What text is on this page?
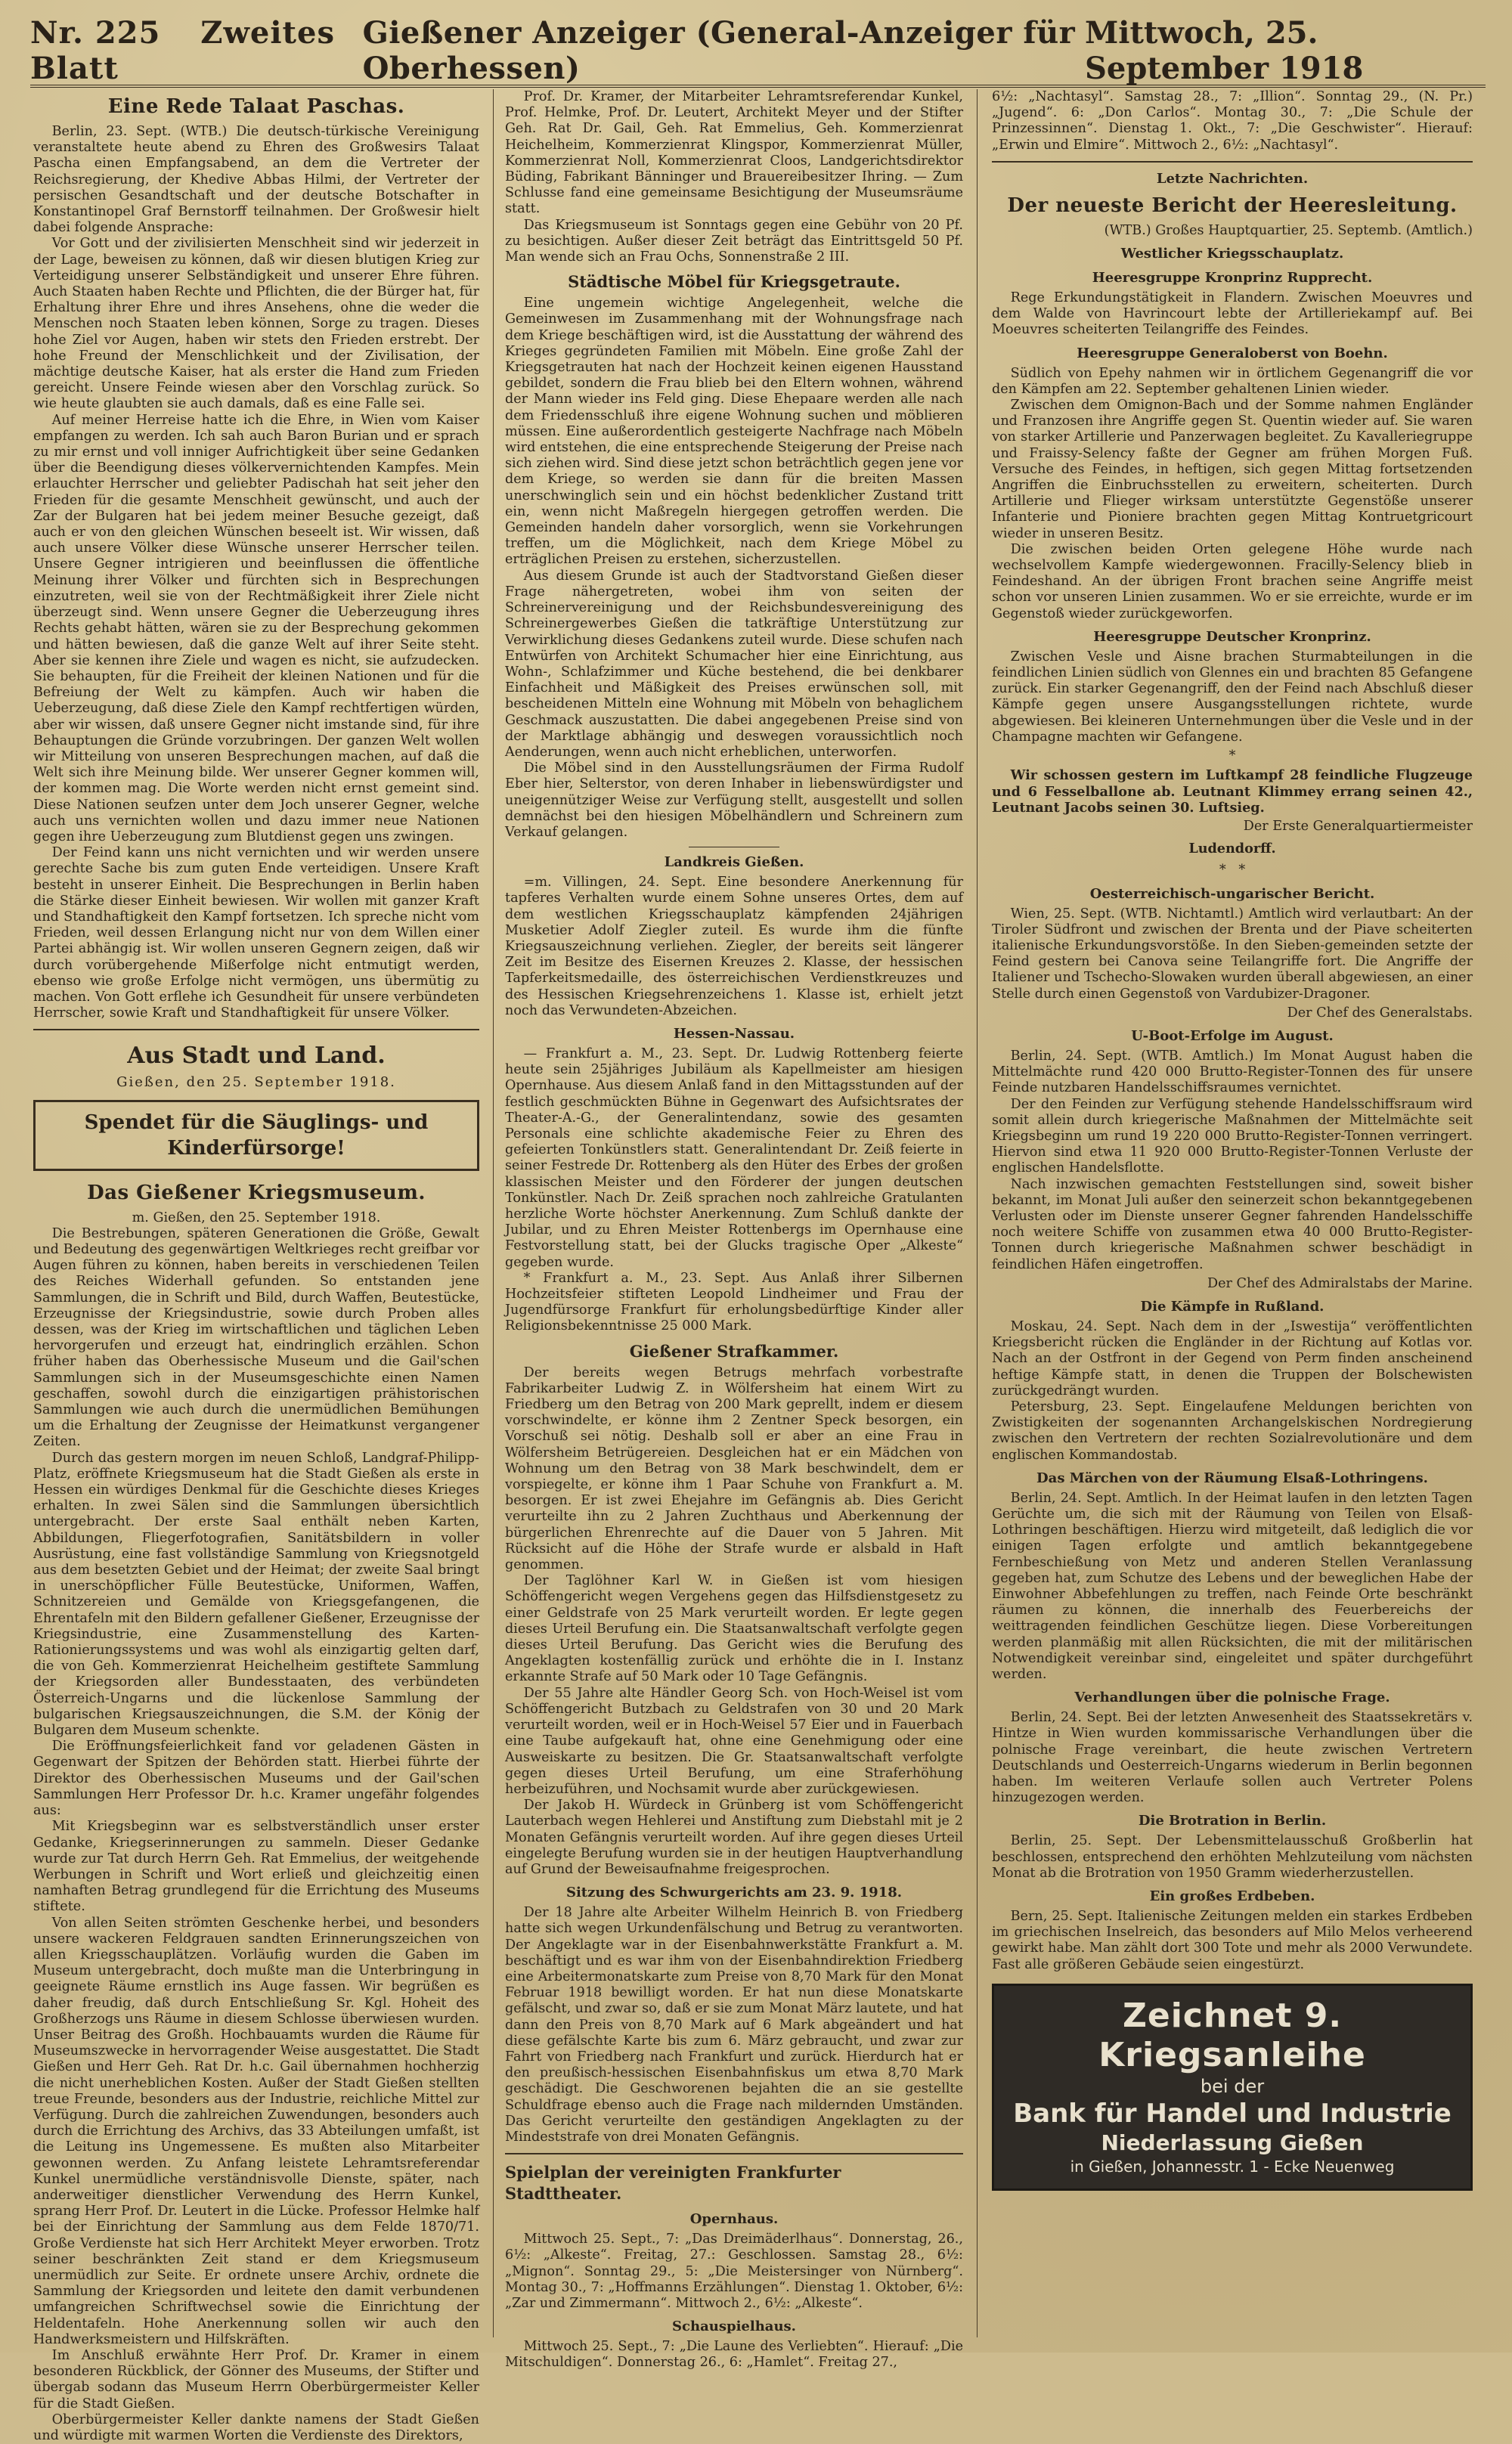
Nr. 225 Zweites Blatt
Gießener Anzeiger (General-Anzeiger für Oberhessen)
Mittwoch, 25. September 1918
Eine Rede Talaat Paschas.

Berlin, 23. Sept. (WTB.) Die deutsch-türkische Vereinigung veranstaltete heute abend zu Ehren des Großwesirs Talaat Pascha einen Empfangsabend, an dem die Vertreter der Reichsregierung, der Khedive Abbas Hilmi, der Vertreter der persischen Gesandtschaft und der deutsche Botschafter in Konstantinopel Graf Bernstorff teilnahmen. Der Großwesir hielt dabei folgende Ansprache:

Vor Gott und der zivilisierten Menschheit sind wir jederzeit in der Lage, beweisen zu können, daß wir diesen blutigen Krieg zur Verteidigung unserer Selbständigkeit und unserer Ehre führen. Auch Staaten haben Rechte und Pflichten, die der Bürger hat, für Erhaltung ihrer Ehre und ihres Ansehens, ohne die weder die Menschen noch Staaten leben können, Sorge zu tragen. Dieses hohe Ziel vor Augen, haben wir stets den Frieden erstrebt. Der hohe Freund der Menschlichkeit und der Zivilisation, der mächtige deutsche Kaiser, hat als erster die Hand zum Frieden gereicht. Unsere Feinde wiesen aber den Vorschlag zurück. So wie heute glaubten sie auch damals, daß es eine Falle sei.

Auf meiner Herreise hatte ich die Ehre, in Wien vom Kaiser empfangen zu werden. Ich sah auch Baron Burian und er sprach zu mir ernst und voll inniger Aufrichtigkeit über seine Gedanken über die Beendigung dieses völkervernichtenden Kampfes. Mein erlauchter Herrscher und geliebter Padischah hat seit jeher den Frieden für die gesamte Menschheit gewünscht, und auch der Zar der Bulgaren hat bei jedem meiner Besuche gezeigt, daß auch er von den gleichen Wünschen beseelt ist. Wir wissen, daß auch unsere Völker diese Wünsche unserer Herrscher teilen. Unsere Gegner intrigieren und beeinflussen die öffentliche Meinung ihrer Völker und fürchten sich in Besprechungen einzutreten, weil sie von der Rechtmäßigkeit ihrer Ziele nicht überzeugt sind. Wenn unsere Gegner die Ueberzeugung ihres Rechts gehabt hätten, wären sie zu der Besprechung gekommen und hätten bewiesen, daß die ganze Welt auf ihrer Seite steht. Aber sie kennen ihre Ziele und wagen es nicht, sie aufzudecken. Sie behaupten, für die Freiheit der kleinen Nationen und für die Befreiung der Welt zu kämpfen. Auch wir haben die Ueberzeugung, daß diese Ziele den Kampf rechtfertigen würden, aber wir wissen, daß unsere Gegner nicht imstande sind, für ihre Behauptungen die Gründe vorzubringen. Der ganzen Welt wollen wir Mitteilung von unseren Besprechungen machen, auf daß die Welt sich ihre Meinung bilde. Wer unserer Gegner kommen will, der kommen mag. Die Worte werden nicht ernst gemeint sind. Diese Nationen seufzen unter dem Joch unserer Gegner, welche auch uns vernichten wollen und dazu immer neue Nationen gegen ihre Ueberzeugung zum Blutdienst gegen uns zwingen.

Der Feind kann uns nicht vernichten und wir werden unsere gerechte Sache bis zum guten Ende verteidigen. Unsere Kraft besteht in unserer Einheit. Die Besprechungen in Berlin haben die Stärke dieser Einheit bewiesen. Wir wollen mit ganzer Kraft und Standhaftigkeit den Kampf fortsetzen. Ich spreche nicht vom Frieden, weil dessen Erlangung nicht nur von dem Willen einer Partei abhängig ist. Wir wollen unseren Gegnern zeigen, daß wir durch vorübergehende Mißerfolge nicht entmutigt werden, ebenso wie große Erfolge nicht vermögen, uns übermütig zu machen. Von Gott erflehe ich Gesundheit für unsere verbündeten Herrscher, sowie Kraft und Standhaftigkeit für unsere Völker.

Aus Stadt und Land.
Gießen, den 25. September 1918.
Spendet für die Säuglings- und Kinderfürsorge!
Das Gießener Kriegsmuseum.

m. Gießen, den 25. September 1918.

Die Bestrebungen, späteren Generationen die Größe, Gewalt und Bedeutung des gegenwärtigen Weltkrieges recht greifbar vor Augen führen zu können, haben bereits in verschiedenen Teilen des Reiches Widerhall gefunden. So entstanden jene Sammlungen, die in Schrift und Bild, durch Waffen, Beutestücke, Erzeugnisse der Kriegsindustrie, sowie durch Proben alles dessen, was der Krieg im wirtschaftlichen und täglichen Leben hervorgerufen und erzeugt hat, eindringlich erzählen. Schon früher haben das Oberhessische Museum und die Gail'schen Sammlungen sich in der Museumsgeschichte einen Namen geschaffen, sowohl durch die einzigartigen prähistorischen Sammlungen wie auch durch die unermüdlichen Bemühungen um die Erhaltung der Zeugnisse der Heimatkunst vergangener Zeiten.

Durch das gestern morgen im neuen Schloß, Landgraf-Philipp-Platz, eröffnete Kriegsmuseum hat die Stadt Gießen als erste in Hessen ein würdiges Denkmal für die Geschichte dieses Krieges erhalten. In zwei Sälen sind die Sammlungen übersichtlich untergebracht. Der erste Saal enthält neben Karten, Abbildungen, Fliegerfotografien, Sanitätsbildern in voller Ausrüstung, eine fast vollständige Sammlung von Kriegsnotgeld aus dem besetzten Gebiet und der Heimat; der zweite Saal bringt in unerschöpflicher Fülle Beutestücke, Uniformen, Waffen, Schnitzereien und Gemälde von Kriegsgefangenen, die Ehrentafeln mit den Bildern gefallener Gießener, Erzeugnisse der Kriegsindustrie, eine Zusammenstellung des Karten-Rationierungssystems und was wohl als einzigartig gelten darf, die von Geh. Kommerzienrat Heichelheim gestiftete Sammlung der Kriegsorden aller Bundesstaaten, des verbündeten Österreich-Ungarns und die lückenlose Sammlung der bulgarischen Kriegsauszeichnungen, die S.M. der König der Bulgaren dem Museum schenkte.

Die Eröffnungsfeierlichkeit fand vor geladenen Gästen in Gegenwart der Spitzen der Behörden statt. Hierbei führte der Direktor des Oberhessischen Museums und der Gail'schen Sammlungen Herr Professor Dr. h.c. Kramer ungefähr folgendes aus:

Mit Kriegsbeginn war es selbstverständlich unser erster Gedanke, Kriegserinnerungen zu sammeln. Dieser Gedanke wurde zur Tat durch Herrn Geh. Rat Emmelius, der weitgehende Werbungen in Schrift und Wort erließ und gleichzeitig einen namhaften Betrag grundlegend für die Errichtung des Museums stiftete.

Von allen Seiten strömten Geschenke herbei, und besonders unsere wackeren Feldgrauen sandten Erinnerungszeichen von allen Kriegsschauplätzen. Vorläufig wurden die Gaben im Museum untergebracht, doch mußte man die Unterbringung in geeignete Räume ernstlich ins Auge fassen. Wir begrüßen es daher freudig, daß durch Entschließung Sr. Kgl. Hoheit des Großherzogs uns Räume in diesem Schlosse überwiesen wurden. Unser Beitrag des Großh. Hochbauamts wurden die Räume für Museumszwecke in hervorragender Weise ausgestattet. Die Stadt Gießen und Herr Geh. Rat Dr. h.c. Gail übernahmen hochherzig die nicht unerheblichen Kosten. Außer der Stadt Gießen stellten treue Freunde, besonders aus der Industrie, reichliche Mittel zur Verfügung. Durch die zahlreichen Zuwendungen, besonders auch durch die Errichtung des Archivs, das 33 Abteilungen umfaßt, ist die Leitung ins Ungemessene. Es mußten also Mitarbeiter gewonnen werden. Zu Anfang leistete Lehramtsreferendar Kunkel unermüdliche verständnisvolle Dienste, später, nach anderweitiger dienstlicher Verwendung des Herrn Kunkel, sprang Herr Prof. Dr. Leutert in die Lücke. Professor Helmke half bei der Einrichtung der Sammlung aus dem Felde 1870/71. Große Verdienste hat sich Herr Architekt Meyer erworben. Trotz seiner beschränkten Zeit stand er dem Kriegsmuseum unermüdlich zur Seite. Er ordnete unsere Archiv, ordnete die Sammlung der Kriegsorden und leitete den damit verbundenen umfangreichen Schriftwechsel sowie die Einrichtung der Heldentafeln. Hohe Anerkennung sollen wir auch den Handwerksmeistern und Hilfskräften.

Im Anschluß erwähnte Herr Prof. Dr. Kramer in einem besonderen Rückblick, der Gönner des Museums, der Stifter und übergab sodann das Museum Herrn Oberbürgermeister Keller für die Stadt Gießen.

Oberbürgermeister Keller dankte namens der Stadt Gießen und würdigte mit warmen Worten die Verdienste des Direktors,

Prof. Dr. Kramer, der Mitarbeiter Lehramtsreferendar Kunkel, Prof. Helmke, Prof. Dr. Leutert, Architekt Meyer und der Stifter Geh. Rat Dr. Gail, Geh. Rat Emmelius, Geh. Kommerzienrat Heichelheim, Kommerzienrat Klingspor, Kommerzienrat Müller, Kommerzienrat Noll, Kommerzienrat Cloos, Landgerichtsdirektor Büding, Fabrikant Bänninger und Brauereibesitzer Ihring. — Zum Schlusse fand eine gemeinsame Besichtigung der Museumsräume statt.

Das Kriegsmuseum ist Sonntags gegen eine Gebühr von 20 Pf. zu besichtigen. Außer dieser Zeit beträgt das Eintrittsgeld 50 Pf. Man wende sich an Frau Ochs, Sonnenstraße 2 III.

Städtische Möbel für Kriegsgetraute.

Eine ungemein wichtige Angelegenheit, welche die Gemeinwesen im Zusammenhang mit der Wohnungsfrage nach dem Kriege beschäftigen wird, ist die Ausstattung der während des Krieges gegründeten Familien mit Möbeln. Eine große Zahl der Kriegsgetrauten hat nach der Hochzeit keinen eigenen Hausstand gebildet, sondern die Frau blieb bei den Eltern wohnen, während der Mann wieder ins Feld ging. Diese Ehepaare werden alle nach dem Friedensschluß ihre eigene Wohnung suchen und möblieren müssen. Eine außerordentlich gesteigerte Nachfrage nach Möbeln wird entstehen, die eine entsprechende Steigerung der Preise nach sich ziehen wird. Sind diese jetzt schon beträchtlich gegen jene vor dem Kriege, so werden sie dann für die breiten Massen unerschwinglich sein und ein höchst bedenklicher Zustand tritt ein, wenn nicht Maßregeln hiergegen getroffen werden. Die Gemeinden handeln daher vorsorglich, wenn sie Vorkehrungen treffen, um die Möglichkeit, nach dem Kriege Möbel zu erträglichen Preisen zu erstehen, sicherzustellen.

Aus diesem Grunde ist auch der Stadtvorstand Gießen dieser Frage nähergetreten, wobei ihm von seiten der Schreinervereinigung und der Reichsbundesvereinigung des Schreinergewerbes Gießen die tatkräftige Unterstützung zur Verwirklichung dieses Gedankens zuteil wurde. Diese schufen nach Entwürfen von Architekt Schumacher hier eine Einrichtung, aus Wohn-, Schlafzimmer und Küche bestehend, die bei denkbarer Einfachheit und Mäßigkeit des Preises erwünschen soll, mit bescheidenen Mitteln eine Wohnung mit Möbeln von behaglichem Geschmack auszustatten. Die dabei angegebenen Preise sind von der Marktlage abhängig und deswegen voraussichtlich noch Aenderungen, wenn auch nicht erheblichen, unterworfen.

Die Möbel sind in den Ausstellungsräumen der Firma Rudolf Eber hier, Selterstor, von deren Inhaber in liebenswürdigster und uneigennütziger Weise zur Verfügung stellt, ausgestellt und sollen demnächst bei den hiesigen Möbelhändlern und Schreinern zum Verkauf gelangen.

Landkreis Gießen.

=m. Villingen, 24. Sept. Eine besondere Anerkennung für tapferes Verhalten wurde einem Sohne unseres Ortes, dem auf dem westlichen Kriegsschauplatz kämpfenden 24jährigen Musketier Adolf Ziegler zuteil. Es wurde ihm die fünfte Kriegsauszeichnung verliehen. Ziegler, der bereits seit längerer Zeit im Besitze des Eisernen Kreuzes 2. Klasse, der hessischen Tapferkeitsmedaille, des österreichischen Verdienstkreuzes und des Hessischen Kriegsehrenzeichens 1. Klasse ist, erhielt jetzt noch das Verwundeten-Abzeichen.

Hessen-Nassau.

— Frankfurt a. M., 23. Sept. Dr. Ludwig Rottenberg feierte heute sein 25jähriges Jubiläum als Kapellmeister am hiesigen Opernhause. Aus diesem Anlaß fand in den Mittagsstunden auf der festlich geschmückten Bühne in Gegenwart des Aufsichtsrates der Theater-A.-G., der Generalintendanz, sowie des gesamten Personals eine schlichte akademische Feier zu Ehren des gefeierten Tonkünstlers statt. Generalintendant Dr. Zeiß feierte in seiner Festrede Dr. Rottenberg als den Hüter des Erbes der großen klassischen Meister und den Förderer der jungen deutschen Tonkünstler. Nach Dr. Zeiß sprachen noch zahlreiche Gratulanten herzliche Worte höchster Anerkennung. Zum Schluß dankte der Jubilar, und zu Ehren Meister Rottenbergs im Opernhause eine Festvorstellung statt, bei der Glucks tragische Oper „Alkeste“ gegeben wurde.

* Frankfurt a. M., 23. Sept. Aus Anlaß ihrer Silbernen Hochzeitsfeier stifteten Leopold Lindheimer und Frau der Jugendfürsorge Frankfurt für erholungsbedürftige Kinder aller Religionsbekenntnisse 25 000 Mark.

Gießener Strafkammer.

Der bereits wegen Betrugs mehrfach vorbestrafte Fabrikarbeiter Ludwig Z. in Wölfersheim hat einem Wirt zu Friedberg um den Betrag von 200 Mark geprellt, indem er diesem vorschwindelte, er könne ihm 2 Zentner Speck besorgen, ein Vorschuß sei nötig. Deshalb soll er aber an eine Frau in Wölfersheim Betrügereien. Desgleichen hat er ein Mädchen von Wohnung um den Betrag von 38 Mark beschwindelt, dem er vorspiegelte, er könne ihm 1 Paar Schuhe von Frankfurt a. M. besorgen. Er ist zwei Ehejahre im Gefängnis ab. Dies Gericht verurteilte ihn zu 2 Jahren Zuchthaus und Aberkennung der bürgerlichen Ehrenrechte auf die Dauer von 5 Jahren. Mit Rücksicht auf die Höhe der Strafe wurde er alsbald in Haft genommen.

Der Taglöhner Karl W. in Gießen ist vom hiesigen Schöffengericht wegen Vergehens gegen das Hilfsdienstgesetz zu einer Geldstrafe von 25 Mark verurteilt worden. Er legte gegen dieses Urteil Berufung ein. Die Staatsanwaltschaft verfolgte gegen dieses Urteil Berufung. Das Gericht wies die Berufung des Angeklagten kostenfällig zurück und erhöhte die in I. Instanz erkannte Strafe auf 50 Mark oder 10 Tage Gefängnis.

Der 55 Jahre alte Händler Georg Sch. von Hoch-Weisel ist vom Schöffengericht Butzbach zu Geldstrafen von 30 und 20 Mark verurteilt worden, weil er in Hoch-Weisel 57 Eier und in Fauerbach eine Taube aufgekauft hat, ohne eine Genehmigung oder eine Ausweiskarte zu besitzen. Die Gr. Staatsanwaltschaft verfolgte gegen dieses Urteil Berufung, um eine Straferhöhung herbeizuführen, und Nochsamit wurde aber zurückgewiesen.

Der Jakob H. Würdeck in Grünberg ist vom Schöffengericht Lauterbach wegen Hehlerei und Anstiftung zum Diebstahl mit je 2 Monaten Gefängnis verurteilt worden. Auf ihre gegen dieses Urteil eingelegte Berufung wurden sie in der heutigen Hauptverhandlung auf Grund der Beweisaufnahme freigesprochen.

Sitzung des Schwurgerichts am 23. 9. 1918.

Der 18 Jahre alte Arbeiter Wilhelm Heinrich B. von Friedberg hatte sich wegen Urkundenfälschung und Betrug zu verantworten. Der Angeklagte war in der Eisenbahnwerkstätte Frankfurt a. M. beschäftigt und es war ihm von der Eisenbahndirektion Friedberg eine Arbeitermonatskarte zum Preise von 8,70 Mark für den Monat Februar 1918 bewilligt worden. Er hat nun diese Monatskarte gefälscht, und zwar so, daß er sie zum Monat März lautete, und hat dann den Preis von 8,70 Mark auf 6 Mark abgeändert und hat diese gefälschte Karte bis zum 6. März gebraucht, und zwar zur Fahrt von Friedberg nach Frankfurt und zurück. Hierdurch hat er den preußisch-hessischen Eisenbahnfiskus um etwa 8,70 Mark geschädigt. Die Geschworenen bejahten die an sie gestellte Schuldfrage ebenso auch die Frage nach mildernden Umständen. Das Gericht verurteilte den geständigen Angeklagten zu der Mindeststrafe von drei Monaten Gefängnis.

Spielplan der vereinigten Frankfurter Stadttheater.
Opernhaus.

Mittwoch 25. Sept., 7: „Das Dreimäderlhaus“. Donnerstag, 26., 6½: „Alkeste“. Freitag, 27.: Geschlossen. Samstag 28., 6½: „Mignon“. Sonntag 29., 5: „Die Meistersinger von Nürnberg“. Montag 30., 7: „Hoffmanns Erzählungen“. Dienstag 1. Oktober, 6½: „Zar und Zimmermann“. Mittwoch 2., 6½: „Alkeste“.

Schauspielhaus.

Mittwoch 25. Sept., 7: „Die Laune des Verliebten“. Hierauf: „Die Mitschuldigen“. Donnerstag 26., 6: „Hamlet“. Freitag 27.,

6½: „Nachtasyl“. Samstag 28., 7: „Illion“. Sonntag 29., (N. Pr.) „Jugend“. 6: „Don Carlos“. Montag 30., 7: „Die Schule der Prinzessinnen“. Dienstag 1. Okt., 7: „Die Geschwister“. Hierauf: „Erwin und Elmire“. Mittwoch 2., 6½: „Nachtasyl“.

Letzte Nachrichten.
Der neueste Bericht der Heeresleitung.

(WTB.) Großes Hauptquartier, 25. Septemb. (Amtlich.)

Westlicher Kriegsschauplatz.
Heeresgruppe Kronprinz Rupprecht.

Rege Erkundungstätigkeit in Flandern. Zwischen Moeuvres und dem Walde von Havrincourt lebte der Artilleriekampf auf. Bei Moeuvres scheiterten Teilangriffe des Feindes.

Heeresgruppe Generaloberst von Boehn.

Südlich von Epehy nahmen wir in örtlichem Gegenangriff die vor den Kämpfen am 22. September gehaltenen Linien wieder.

Zwischen dem Omignon-Bach und der Somme nahmen Engländer und Franzosen ihre Angriffe gegen St. Quentin wieder auf. Sie waren von starker Artillerie und Panzerwagen begleitet. Zu Kavalleriegruppe und Fraissy-Selency faßte der Gegner am frühen Morgen Fuß. Versuche des Feindes, in heftigen, sich gegen Mittag fortsetzenden Angriffen die Einbruchsstellen zu erweitern, scheiterten. Durch Artillerie und Flieger wirksam unterstützte Gegenstöße unserer Infanterie und Pioniere brachten gegen Mittag Kontruetgricourt wieder in unseren Besitz.

Die zwischen beiden Orten gelegene Höhe wurde nach wechselvollem Kampfe wiedergewonnen. Fracilly-Selency blieb in Feindeshand. An der übrigen Front brachen seine Angriffe meist schon vor unseren Linien zusammen. Wo er sie erreichte, wurde er im Gegenstoß wieder zurückgeworfen.

Heeresgruppe Deutscher Kronprinz.

Zwischen Vesle und Aisne brachen Sturmabteilungen in die feindlichen Linien südlich von Glennes ein und brachten 85 Gefangene zurück. Ein starker Gegenangriff, den der Feind nach Abschluß dieser Kämpfe gegen unsere Ausgangsstellungen richtete, wurde abgewiesen. Bei kleineren Unternehmungen über die Vesle und in der Champagne machten wir Gefangene.

*

Wir schossen gestern im Luftkampf 28 feindliche Flugzeuge und 6 Fesselballone ab. Leutnant Klimmey errang seinen 42., Leutnant Jacobs seinen 30. Luftsieg.

Der Erste Generalquartiermeister
Ludendorff.
*   *
Oesterreichisch-ungarischer Bericht.

Wien, 25. Sept. (WTB. Nichtamtl.) Amtlich wird verlautbart: An der Tiroler Südfront und zwischen der Brenta und der Piave scheiterten italienische Erkundungsvorstöße. In den Sieben-gemeinden setzte der Feind gestern bei Canova seine Teilangriffe fort. Die Angriffe der Italiener und Tschecho-Slowaken wurden überall abgewiesen, an einer Stelle durch einen Gegenstoß von Vardubizer-Dragoner.

Der Chef des Generalstabs.
U-Boot-Erfolge im August.

Berlin, 24. Sept. (WTB. Amtlich.) Im Monat August haben die Mittelmächte rund 420 000 Brutto-Register-Tonnen des für unsere Feinde nutzbaren Handelsschiffsraumes vernichtet.

Der den Feinden zur Verfügung stehende Handelsschiffsraum wird somit allein durch kriegerische Maßnahmen der Mittelmächte seit Kriegsbeginn um rund 19 220 000 Brutto-Register-Tonnen verringert. Hiervon sind etwa 11 920 000 Brutto-Register-Tonnen Verluste der englischen Handelsflotte.

Nach inzwischen gemachten Feststellungen sind, soweit bisher bekannt, im Monat Juli außer den seinerzeit schon bekanntgegebenen Verlusten oder im Dienste unserer Gegner fahrenden Handelsschiffe noch weitere Schiffe von zusammen etwa 40 000 Brutto-Register-Tonnen durch kriegerische Maßnahmen schwer beschädigt in feindlichen Häfen eingetroffen.

Der Chef des Admiralstabs der Marine.
Die Kämpfe in Rußland.

Moskau, 24. Sept. Nach dem in der „Iswestija“ veröffentlichten Kriegsbericht rücken die Engländer in der Richtung auf Kotlas vor. Nach an der Ostfront in der Gegend von Perm finden anscheinend heftige Kämpfe statt, in denen die Truppen der Bolschewisten zurückgedrängt wurden.

Petersburg, 23. Sept. Eingelaufene Meldungen berichten von Zwistigkeiten der sogenannten Archangelskischen Nordregierung zwischen den Vertretern der rechten Sozialrevolutionäre und dem englischen Kommandostab.

Das Märchen von der Räumung Elsaß-Lothringens.

Berlin, 24. Sept. Amtlich. In der Heimat laufen in den letzten Tagen Gerüchte um, die sich mit der Räumung von Teilen von Elsaß-Lothringen beschäftigen. Hierzu wird mitgeteilt, daß lediglich die vor einigen Tagen erfolgte und amtlich bekanntgegebene Fernbeschießung von Metz und anderen Stellen Veranlassung gegeben hat, zum Schutze des Lebens und der beweglichen Habe der Einwohner Abbefehlungen zu treffen, nach Feinde Orte beschränkt räumen zu können, die innerhalb des Feuerbereichs der weittragenden feindlichen Geschütze liegen. Diese Vorbereitungen werden planmäßig mit allen Rücksichten, die mit der militärischen Notwendigkeit vereinbar sind, eingeleitet und später durchgeführt werden.

Verhandlungen über die polnische Frage.

Berlin, 24. Sept. Bei der letzten Anwesenheit des Staatssekretärs v. Hintze in Wien wurden kommissarische Verhandlungen über die polnische Frage vereinbart, die heute zwischen Vertretern Deutschlands und Oesterreich-Ungarns wiederum in Berlin begonnen haben. Im weiteren Verlaufe sollen auch Vertreter Polens hinzugezogen werden.

Die Brotration in Berlin.

Berlin, 25. Sept. Der Lebensmittelausschuß Großberlin hat beschlossen, entsprechend den erhöhten Mehlzuteilung vom nächsten Monat ab die Brotration von 1950 Gramm wiederherzustellen.

Ein großes Erdbeben.

Bern, 25. Sept. Italienische Zeitungen melden ein starkes Erdbeben im griechischen Inselreich, das besonders auf Milo Melos verheerend gewirkt habe. Man zählt dort 300 Tote und mehr als 2000 Verwundete. Fast alle größeren Gebäude seien eingestürzt.

Zeichnet 9. Kriegsanleihe
bei der
Bank für Handel und Industrie
Niederlassung Gießen
in Gießen, Johannesstr. 1 - Ecke Neuenweg
